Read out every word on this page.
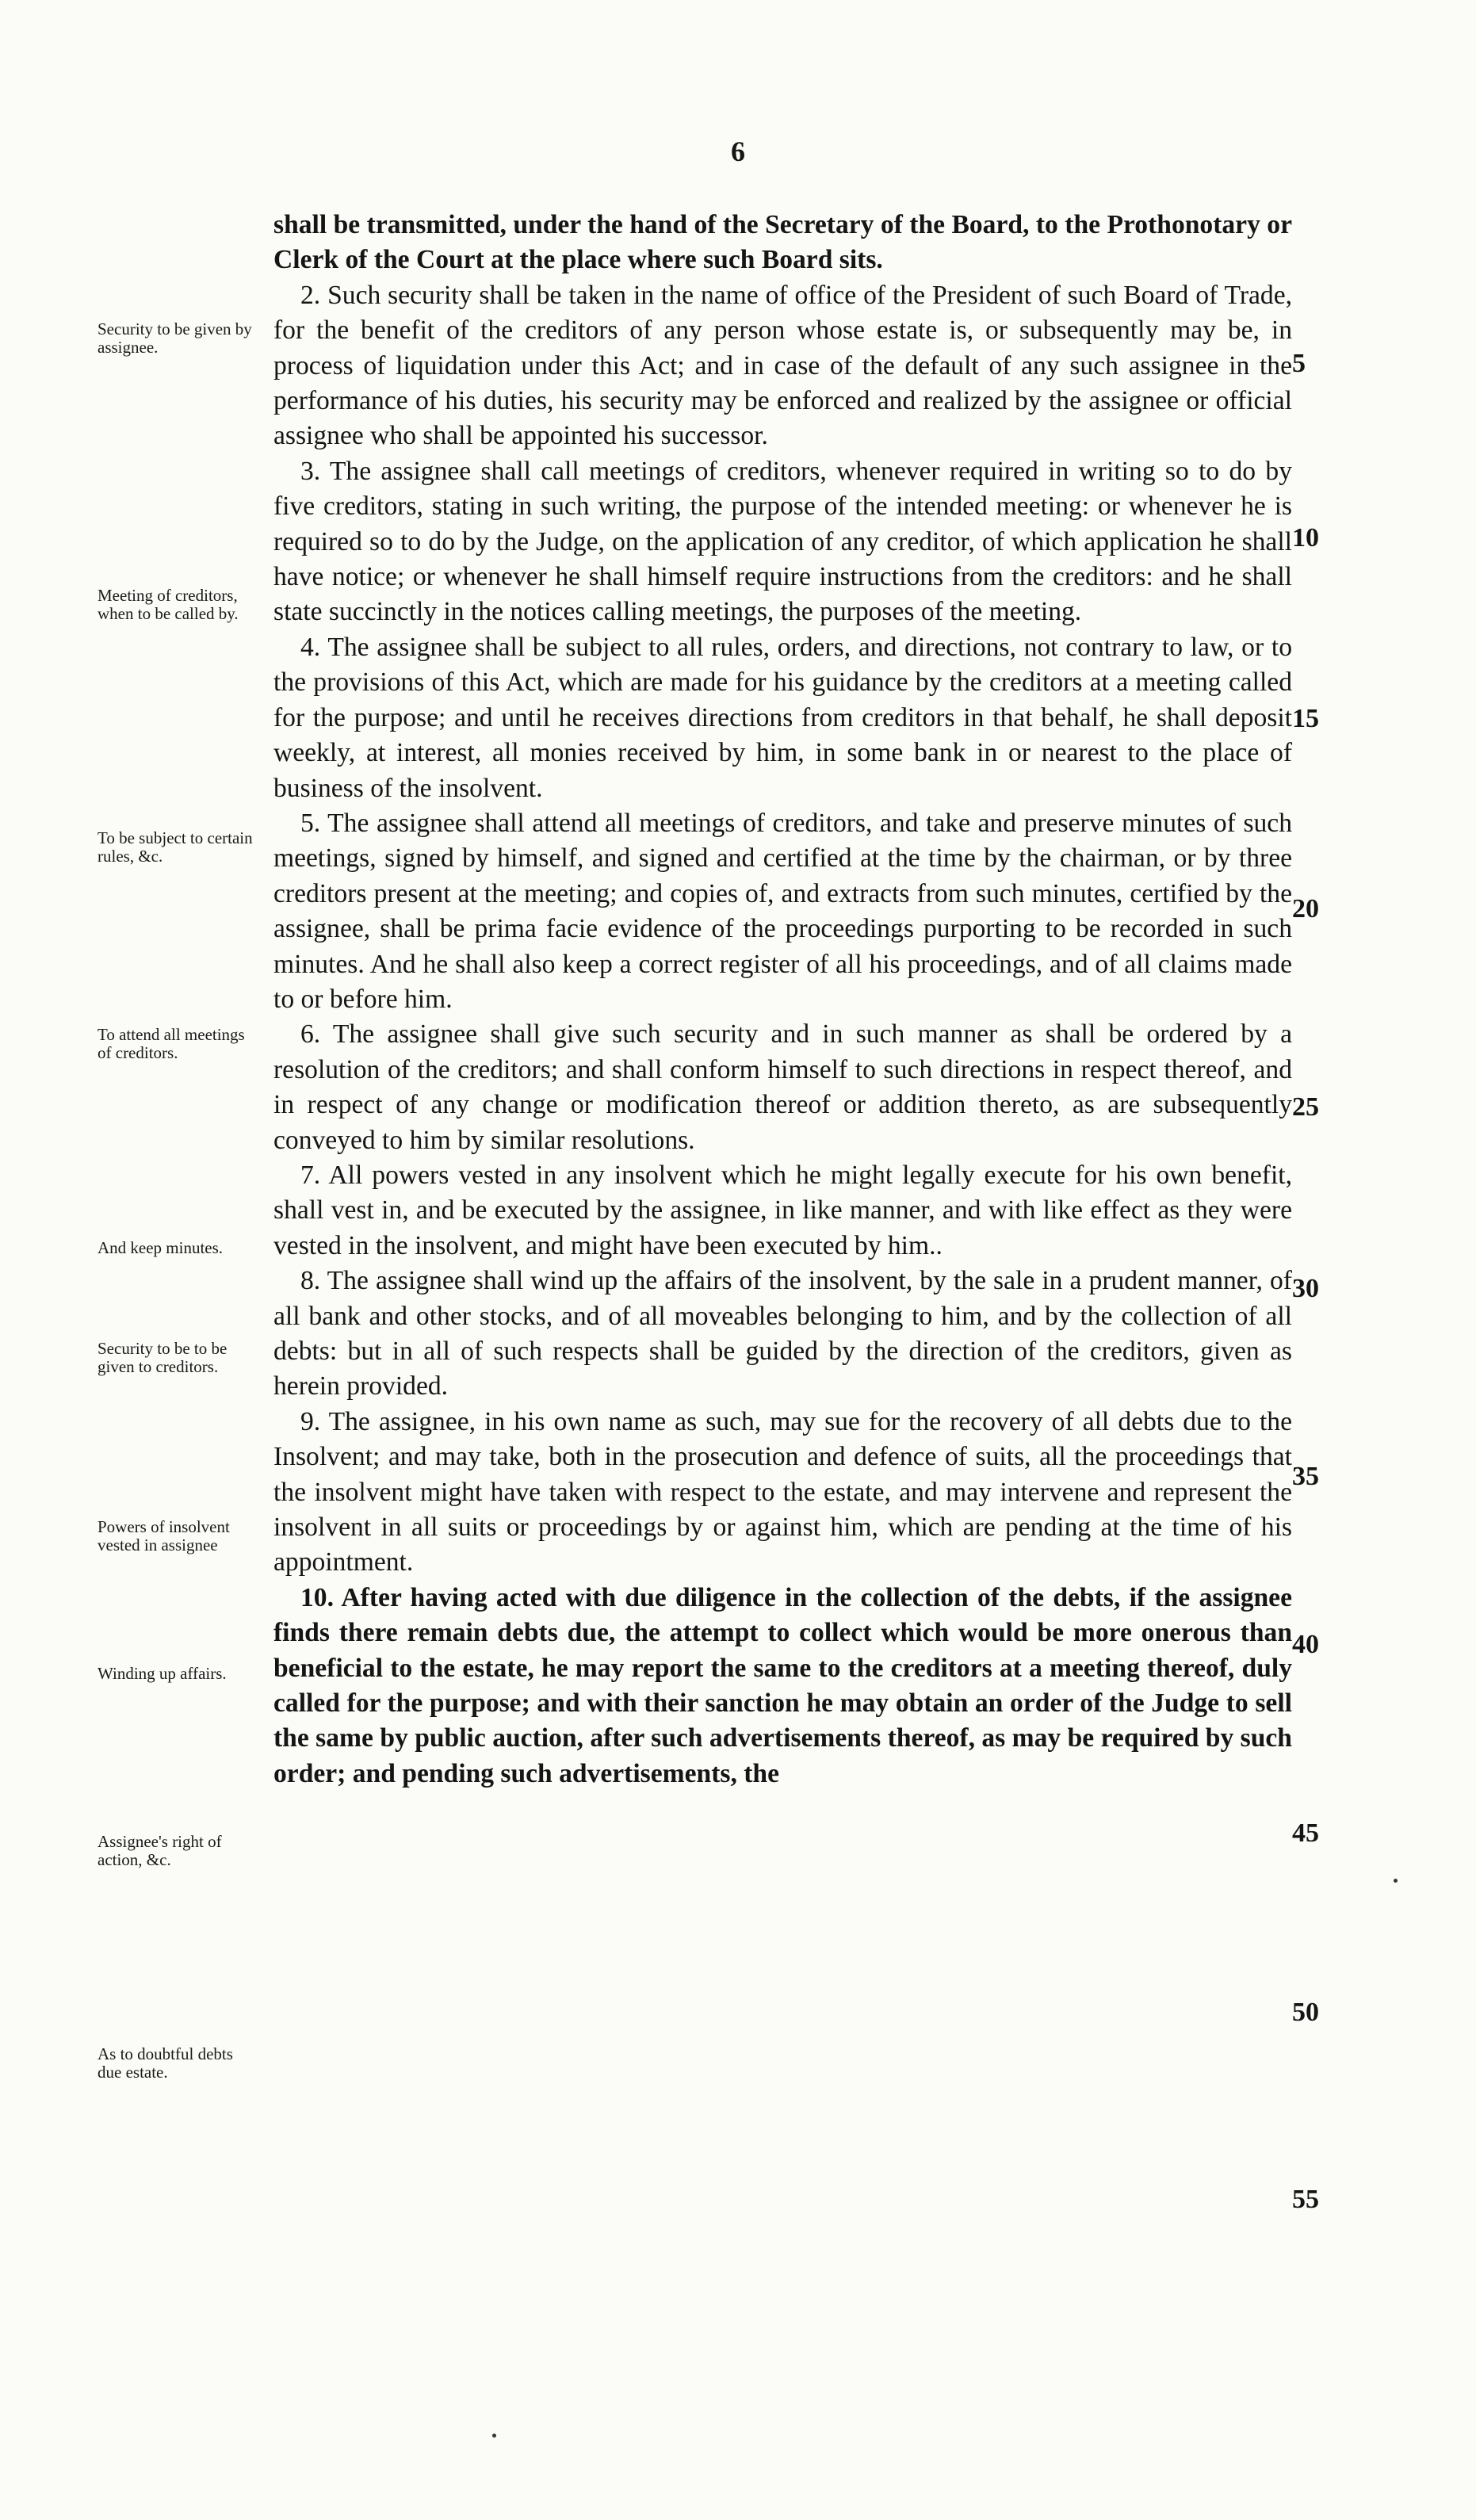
6
Security to be given by assignee.
Meeting of creditors, when to be called by.
To be subject to certain rules, &c.
To attend all meetings of creditors.
And keep minutes.
Security to be to be given to creditors.
Powers of insolvent vested in assignee
Winding up affairs.
Assignee's right of action, &c.
As to doubtful debts due estate.

shall be transmitted, under the hand of the Secretary of the Board, to the Prothonotary or Clerk of the Court at the place where such Board sits.

2. Such security shall be taken in the name of office of the President of such Board of Trade, for the benefit of the creditors of any person whose estate is, or subsequently may be, in process of liquidation under this Act; and in case of the default of any such assignee in the performance of his duties, his security may be enforced and realized by the assignee or official assignee who shall be appointed his successor.

3. The assignee shall call meetings of creditors, whenever required in writing so to do by five creditors, stating in such writing, the purpose of the intended meeting: or whenever he is required so to do by the Judge, on the application of any creditor, of which application he shall have notice; or whenever he shall himself require instructions from the creditors: and he shall state succinctly in the notices calling meetings, the purposes of the meeting.

4. The assignee shall be subject to all rules, orders, and directions, not contrary to law, or to the provisions of this Act, which are made for his guidance by the creditors at a meeting called for the purpose; and until he receives directions from creditors in that behalf, he shall deposit weekly, at interest, all monies received by him, in some bank in or nearest to the place of business of the insolvent.

5. The assignee shall attend all meetings of creditors, and take and preserve minutes of such meetings, signed by himself, and signed and certified at the time by the chairman, or by three creditors present at the meeting; and copies of, and extracts from such minutes, certified by the assignee, shall be prima facie evidence of the proceedings purporting to be recorded in such minutes. And he shall also keep a correct register of all his proceedings, and of all claims made to or before him.

6. The assignee shall give such security and in such manner as shall be ordered by a resolution of the creditors; and shall conform himself to such directions in respect thereof, and in respect of any change or modification thereof or addition thereto, as are subsequently conveyed to him by similar resolutions.

7. All powers vested in any insolvent which he might legally execute for his own benefit, shall vest in, and be executed by the assignee, in like manner, and with like effect as they were vested in the insolvent, and might have been executed by him..

8. The assignee shall wind up the affairs of the insolvent, by the sale in a prudent manner, of all bank and other stocks, and of all moveables belonging to him, and by the collection of all debts: but in all of such respects shall be guided by the direction of the creditors, given as herein provided.

9. The assignee, in his own name as such, may sue for the recovery of all debts due to the Insolvent; and may take, both in the prosecution and defence of suits, all the proceedings that the insolvent might have taken with respect to the estate, and may intervene and represent the insolvent in all suits or proceedings by or against him, which are pending at the time of his appointment.

10. After having acted with due diligence in the collection of the debts, if the assignee finds there remain debts due, the attempt to collect which would be more onerous than beneficial to the estate, he may report the same to the creditors at a meeting thereof, duly called for the purpose; and with their sanction he may obtain an order of the Judge to sell the same by public auction, after such advertisements thereof, as may be required by such order; and pending such advertisements, the

5
10
15
20
25
30
35
40
45
50
55
